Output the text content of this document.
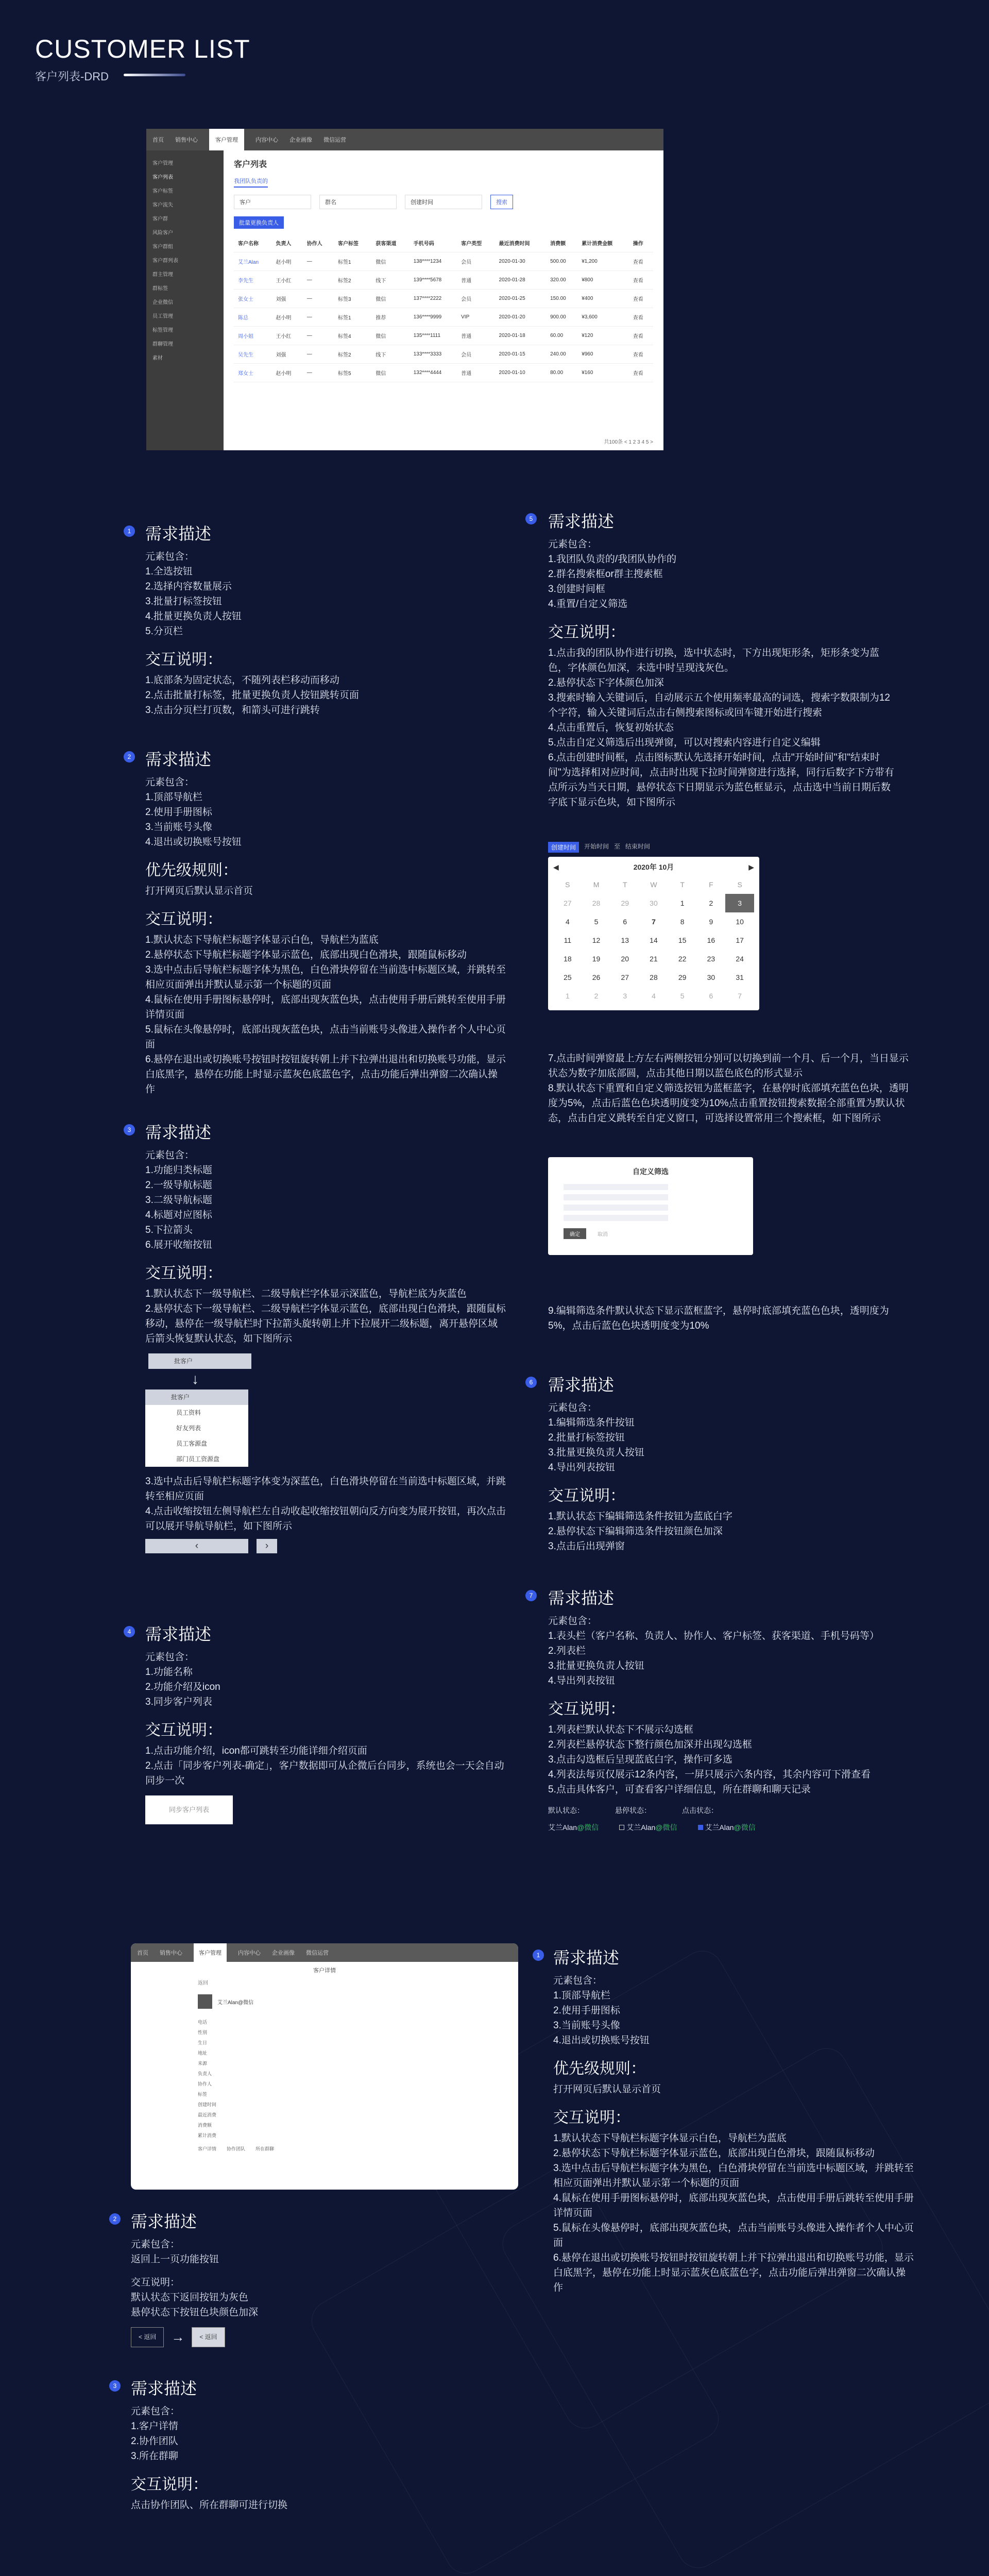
CUSTOMER LIST
客户列表-DRD
首页 销售中心	客户管理	内容中心 企业画像 微信运营
客户管理
客户列表
客户标签
客户流失
客户群
风险客户
客户群组
客户群列表
群主管理
群标签
企业微信
员工管理
标签管理
群聊管理
素材
客户列表
我团队负责的
客户	群名	创建时间	搜索
批量更换负责人
客户名称	负责人	协作人	客户标签	获客渠道	手机号码	客户类型	最近消费时间	消费额	累计消费金额	操作
艾兰Alan	赵小明	—	标签1	微信	138****1234	会员	2020-01-30	500.00	¥1,200	查看
李先生	王小红	—	标签2	线下	139****5678	普通	2020-01-28	320.00	¥800	查看
张女士	刘强	—	标签3	微信	137****2222	会员	2020-01-25	150.00	¥400	查看
陈总	赵小明	—	标签1	推荐	136****9999	VIP	2020-01-20	900.00	¥3,600	查看
周小姐	王小红	—	标签4	微信	135****1111	普通	2020-01-18	60.00	¥120	查看
吴先生	刘强	—	标签2	线下	133****3333	会员	2020-01-15	240.00	¥960	查看
郑女士	赵小明	—	标签5	微信	132****4444	普通	2020-01-10	80.00	¥160	查看
共100条 < 1 2 3 4 5 >
1 需求描述

元素包含：
1.全选按钮
2.选择内容数量展示
3.批量打标签按钮
4.批量更换负责人按钮
5.分页栏

交互说明：

1.底部条为固定状态，不随列表栏移动而移动
2.点击批量打标签，批量更换负责人按钮跳转页面
3.点击分页栏打页数，和箭头可进行跳转

2 需求描述

元素包含：
1.顶部导航栏
2.使用手册图标
3.当前账号头像
4.退出或切换账号按钮

优先级规则：

打开网页后默认显示首页

交互说明：

1.默认状态下导航栏标题字体显示白色，导航栏为蓝底
2.悬停状态下导航栏标题字体显示蓝色，底部出现白色滑块，跟随鼠标移动
3.选中点击后导航栏标题字体为黑色，白色滑块停留在当前选中标题区域，并跳转至相应页面弹出并默认显示第一个标题的页面
4.鼠标在使用手册图标悬停时，底部出现灰蓝色块，点击使用手册后跳转至使用手册详情页面
5.鼠标在头像悬停时，底部出现灰蓝色块，点击当前账号头像进入操作者个人中心页面
6.悬停在退出或切换账号按钮时按钮旋转朝上并下拉弹出退出和切换账号功能，显示白底黑字，悬停在功能上时显示蓝灰色底蓝色字，点击功能后弹出弹窗二次确认操作

3 需求描述

元素包含：
1.功能归类标题
2.一级导航标题
3.二级导航标题
4.标题对应图标
5.下拉箭头
6.展开收缩按钮

交互说明：

1.默认状态下一级导航栏、二级导航栏字体显示深蓝色，导航栏底为灰蓝色
2.悬停状态下一级导航栏、二级导航栏字体显示蓝色，底部出现白色滑块，跟随鼠标移动，悬停在一级导航栏时下拉箭头旋转朝上并下拉展开二级标题，离开悬停区域后箭头恢复默认状态，如下图所示

批客户
↓
批客户
员工资料
好友列表
员工客源盘
部门员工资源盘

3.选中点击后导航栏标题字体变为深蓝色，白色滑块停留在当前选中标题区域，并跳转至相应页面
4.点击收缩按钮左侧导航栏左自动收起收缩按钮朝向反方向变为展开按钮，再次点击可以展开导航导航栏，如下图所示

‹	›
4 需求描述

元素包含：
1.功能名称
2.功能介绍及icon
3.同步客户列表

交互说明：

1.点击功能介绍，icon都可跳转至功能详细介绍页面
2.点击「同步客户列表-确定」，客户数据即可从企微后台同步，系统也会一天会自动同步一次

同步客户列表
5 需求描述

元素包含：
1.我团队负责的/我团队协作的
2.群名搜索框or群主搜索框
3.创建时间框
4.重置/自定义筛选

交互说明：

1.点击我的团队协作进行切换，选中状态时，下方出现矩形条，矩形条变为蓝色，字体颜色加深，未选中时呈现浅灰色。
2.悬停状态下字体颜色加深
3.搜索时输入关键词后，自动展示五个使用频率最高的词选，搜索字数限制为12个字符，输入关键词后点击右侧搜索图标或回车键开始进行搜索
4.点击重置后，恢复初始状态
5.点击自定义筛选后出现弹窗，可以对搜索内容进行自定义编辑
6.点击创建时间框，点击图标默认先选择开始时间，点击"开始时间"和"结束时间"为选择相对应时间，点击时出现下拉时间弹窗进行选择，同行后数字下方带有点所示为当天日期，悬停状态下日期显示为蓝色框显示，点击选中当前日期后数字底下显示色块，如下图所示

创建时间	开始时间 至 结束时间
◀	2020年 10月	▶
S	M	T	W	T	F	S
27	28	29	30	1	2	3
4	5	6	7	8	9	10
11	12	13	14	15	16	17
18	19	20	21	22	23	24
25	26	27	28	29	30	31
1	2	3	4	5	6	7

7.点击时间弹窗最上方左右两侧按钮分别可以切换到前一个月、后一个月，当日显示状态为数字加底部圆，点击其他日期以蓝色底色的形式显示
8.默认状态下重置和自定义筛选按钮为蓝框蓝字，在悬停时底部填充蓝色色块，透明度为5%，点击后蓝色色块透明度变为10%点击重置按钮搜索数据全部重置为默认状态，点击自定义跳转至自定义窗口，可选择设置常用三个搜索框，如下图所示

自定义筛选
确定	取消

9.编辑筛选条件默认状态下显示蓝框蓝字，悬停时底部填充蓝色色块，透明度为5%，点击后蓝色色块透明度变为10%

6 需求描述

元素包含：
1.编辑筛选条件按钮
2.批量打标签按钮
3.批量更换负责人按钮
4.导出列表按钮

交互说明：

1.默认状态下编辑筛选条件按钮为蓝底白字
2.悬停状态下编辑筛选条件按钮颜色加深
3.点击后出现弹窗

7 需求描述

元素包含：
1.表头栏（客户名称、负责人、协作人、客户标签、获客渠道、手机号码等）
2.列表栏
3.批量更换负责人按钮
4.导出列表按钮

交互说明：

1.列表栏默认状态下不展示勾选框
2.列表栏悬停状态下整行颜色加深并出现勾选框
3.点击勾选框后呈现蓝底白字，操作可多选
4.列表法每页仅展示12条内容，一屏只展示六条内容，其余内容可下滑查看
5.点击具体客户，可查看客户详细信息，所在群聊和聊天记录

默认状态：	悬停状态：	点击状态：
艾兰Alan@微信	艾兰Alan@微信	艾兰Alan@微信
首页 销售中心	客户管理	内容中心 企业画像 微信运营
客户详情
返回
艾兰Alan@微信
电话
性别
生日
地址
来源
负责人
协作人
标签
创建时间
最近消费
消费额
累计消费
客户详情 协作团队 所在群聊
1 需求描述

元素包含：
1.顶部导航栏
2.使用手册图标
3.当前账号头像
4.退出或切换账号按钮

优先级规则：

打开网页后默认显示首页

交互说明：

1.默认状态下导航栏标题字体显示白色，导航栏为蓝底
2.悬停状态下导航栏标题字体显示蓝色，底部出现白色滑块，跟随鼠标移动
3.选中点击后导航栏标题字体为黑色，白色滑块停留在当前选中标题区域，并跳转至相应页面弹出并默认显示第一个标题的页面
4.鼠标在使用手册图标悬停时，底部出现灰蓝色块，点击使用手册后跳转至使用手册详情页面
5.鼠标在头像悬停时，底部出现灰蓝色块，点击当前账号头像进入操作者个人中心页面
6.悬停在退出或切换账号按钮时按钮旋转朝上并下拉弹出退出和切换账号功能，显示白底黑字，悬停在功能上时显示蓝灰色底蓝色字，点击功能后弹出弹窗二次确认操作

2 需求描述

元素包含：
返回上一页功能按钮

交互说明：

默认状态下返回按钮为灰色
悬停状态下按钮色块颜色加深

< 返回	→	< 返回
3 需求描述

元素包含：
1.客户详情
2.协作团队
3.所在群聊

交互说明：

点击协作团队、所在群聊可进行切换
